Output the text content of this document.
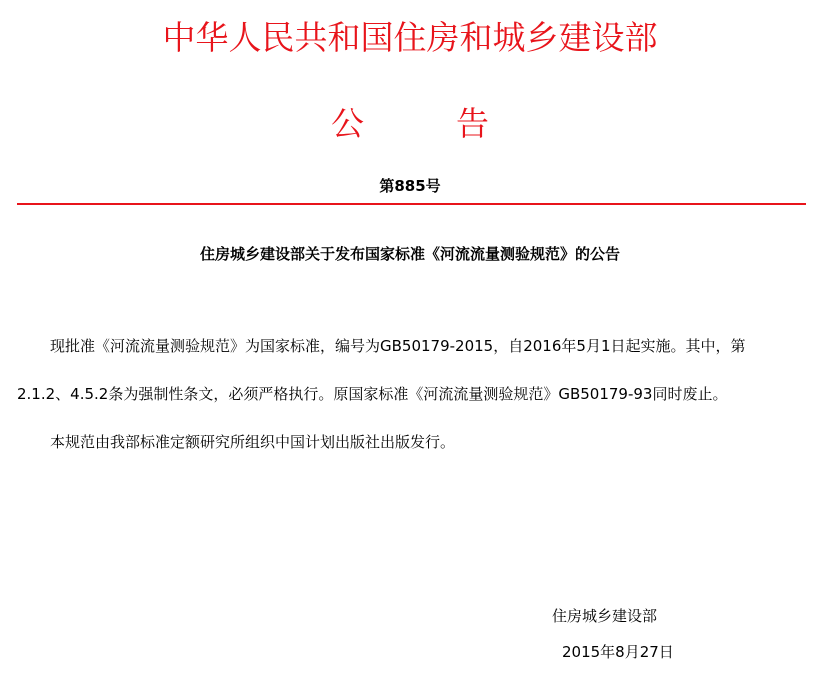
中华人民共和国住房和城乡建设部
公	告
第885号
住房城乡建设部关于发布国家标准《河流流量测验规范》的公告
现批准《河流流量测验规范》为国家标准，编号为GB50179-2015，自2016年5月1日起实施。其中，第
2.1.2、4.5.2条为强制性条文，必须严格执行。原国家标准《河流流量测验规范》GB50179-93同时废止。
本规范由我部标准定额研究所组织中国计划出版社出版发行。
住房城乡建设部
2015年8月27日
